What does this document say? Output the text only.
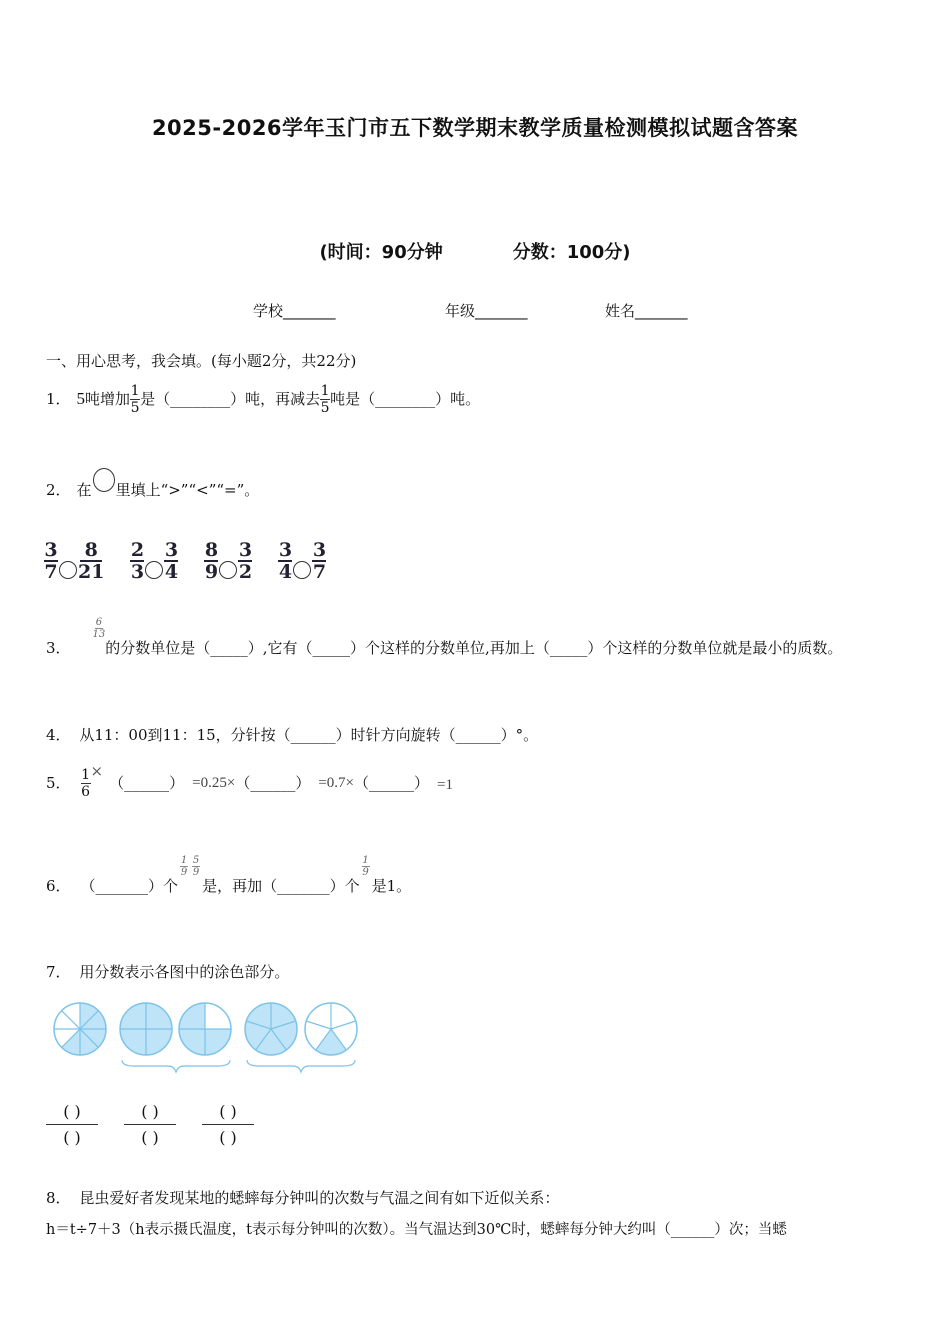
2025-2026学年玉门市五下数学期末教学质量检测模拟试题含答案
(时间：90分钟	分数：100分)
学校_______	年级_______	姓名_______
一、用心思考，我会填。(每小题2分，共22分)
1． 5 吨增加 $\frac{1}{5}$ 是（________）吨，再减去 $\frac{1}{5}$ 吨是（________）吨。
2． 在 里填上“>”“<”“=”。
3
7
8
21
2
3
3
4
8
9
3
2
3
4
3
7
3．
$\frac{6}{13}$
的分数单位是（_____）,它有（_____）个这样的分数单位,再加上（_____）个这样的分数单位就是最小的质数。
4． 从11：00到11：15，分针按（______）时针方向旋转（______）°。
5． $\frac{1}{6}$ ×
（______） =0.25× （______） =0.7× （______） =1
6． （_______）个
$\frac{1}{9} \frac{5}{9}$
是，再加（_______）个
$\frac{1}{9}$
是1。
7． 用分数表示各图中的涂色部分。
$\frac{( )}{( )} \frac{( )}{( )} \frac{( )}{( )}$
8． 昆虫爱好者发现某地的蟋蟀每分钟叫的次数与气温之间有如下近似关系：
h＝t÷7＋3（h表示摄氏温度，t表示每分钟叫的次数）。当气温达到30℃时，蟋蟀每分钟大约叫（______）次；当蟋
